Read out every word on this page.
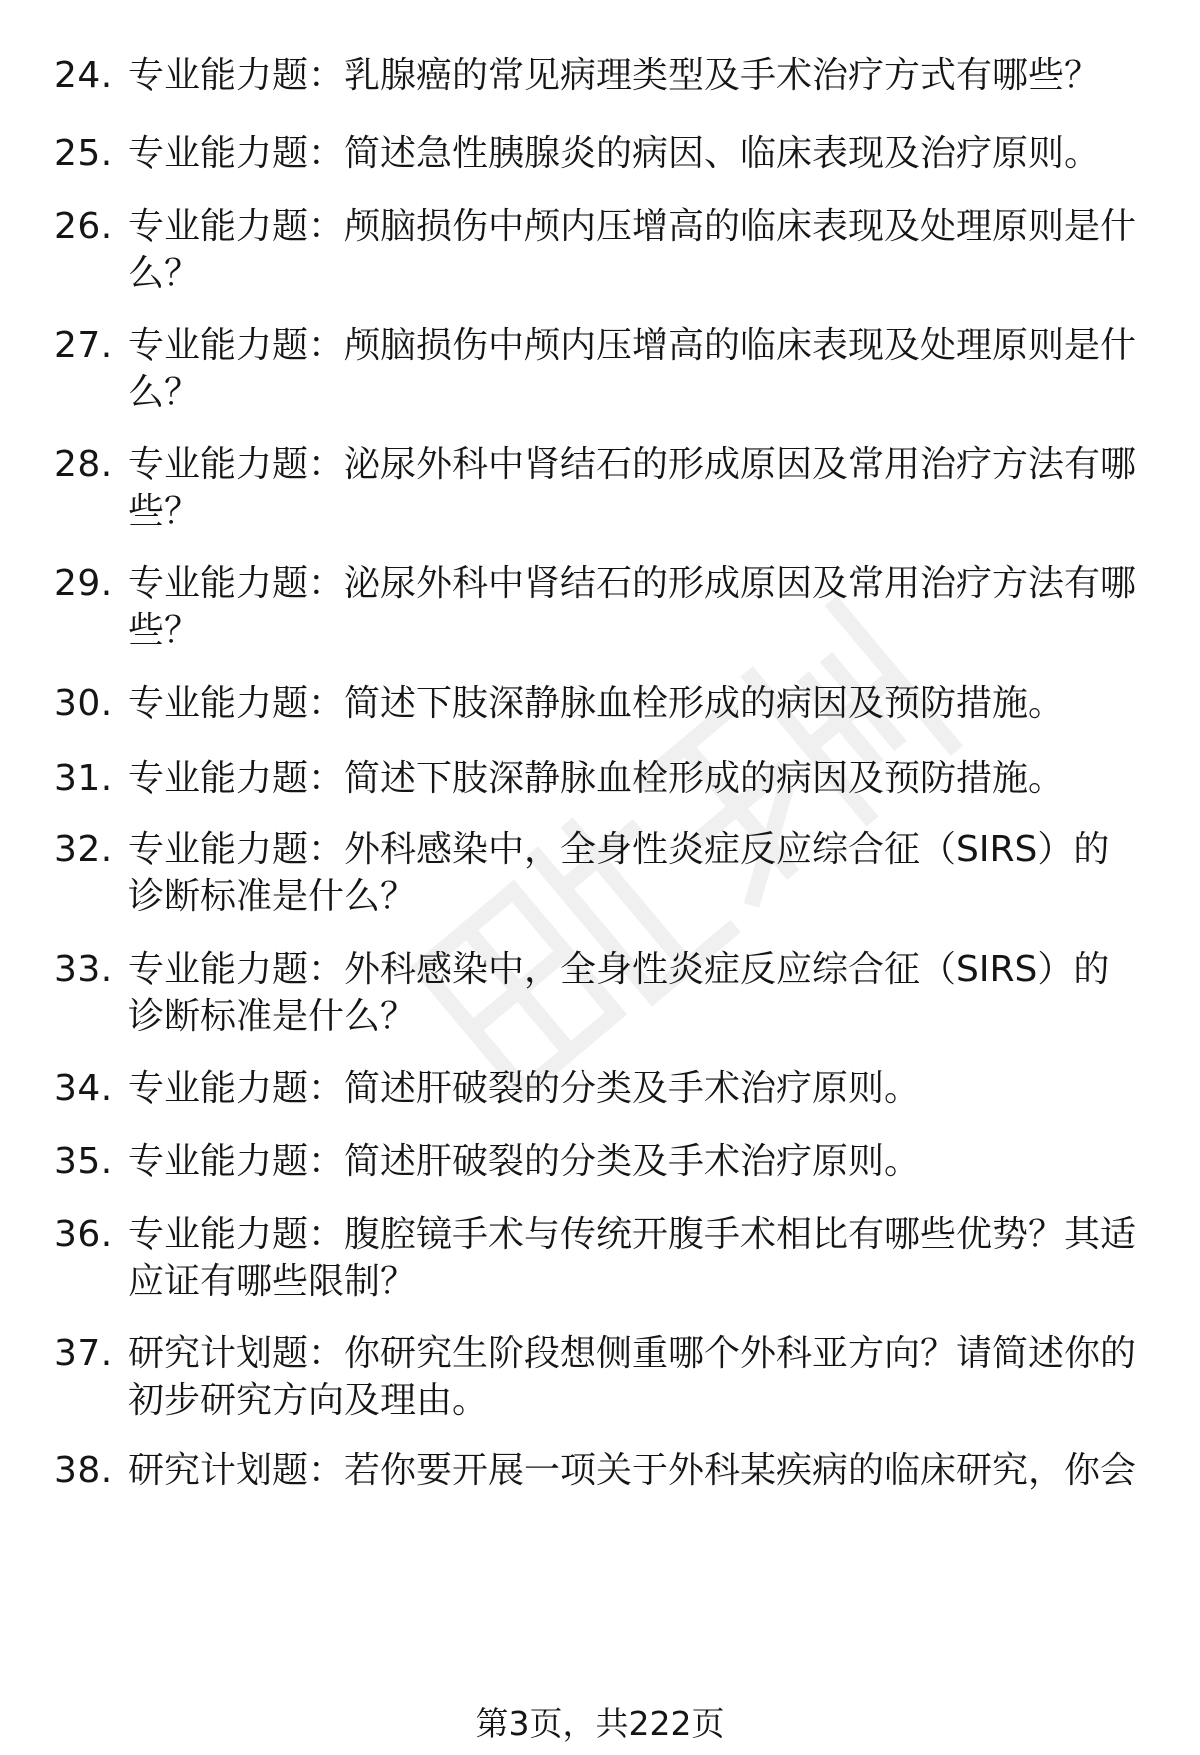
24. 专业能力题：乳腺癌的常见病理类型及手术治疗方式有哪些？
25. 专业能力题：简述急性胰腺炎的病因、临床表现及治疗原则。
26. 专业能力题：颅脑损伤中颅内压增高的临床表现及处理原则是什么？
27. 专业能力题：颅脑损伤中颅内压增高的临床表现及处理原则是什么？
28. 专业能力题：泌尿外科中肾结石的形成原因及常用治疗方法有哪些？
29. 专业能力题：泌尿外科中肾结石的形成原因及常用治疗方法有哪些？
30. 专业能力题：简述下肢深静脉血栓形成的病因及预防措施。
31. 专业能力题：简述下肢深静脉血栓形成的病因及预防措施。
32. 专业能力题：外科感染中，全身性炎症反应综合征（SIRS）的诊断标准是什么？
33. 专业能力题：外科感染中，全身性炎症反应综合征（SIRS）的诊断标准是什么？
34. 专业能力题：简述肝破裂的分类及手术治疗原则。
35. 专业能力题：简述肝破裂的分类及手术治疗原则。
36. 专业能力题：腹腔镜手术与传统开腹手术相比有哪些优势？其适应证有哪些限制？
37. 研究计划题：你研究生阶段想侧重哪个外科亚方向？请简述你的初步研究方向及理由。
38. 研究计划题：若你要开展一项关于外科某疾病的临床研究，你会
第3页，共222页
